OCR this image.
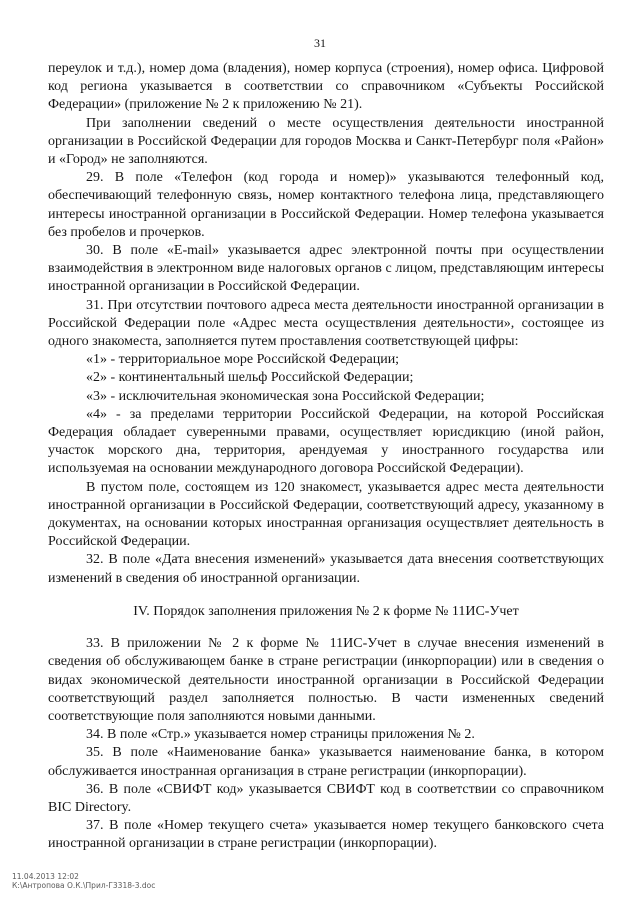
31

переулок и т.д.), номер дома (владения), номер корпуса (строения), номер офиса. Цифровой код региона указывается в соответствии со справочником «Субъекты Российской Федерации» (приложение № 2 к приложению № 21).

При заполнении сведений о месте осуществления деятельности иностранной организации в Российской Федерации для городов Москва и Санкт-Петербург поля «Район» и «Город» не заполняются.

29. В поле «Телефон (код города и номер)» указываются телефонный код, обеспечивающий телефонную связь, номер контактного телефона лица, представляющего интересы иностранной организации в Российской Федерации. Номер телефона указывается без пробелов и прочерков.

30. В поле «E-mail» указывается адрес электронной почты при осуществлении взаимодействия в электронном виде налоговых органов с лицом, представляющим интересы иностранной организации в Российской Федерации.

31. При отсутствии почтового адреса места деятельности иностранной организации в Российской Федерации поле «Адрес места осуществления деятельности», состоящее из одного знакоместа, заполняется путем проставления соответствующей цифры:

«1» - территориальное море Российской Федерации;

«2» - континентальный шельф Российской Федерации;

«3» - исключительная экономическая зона Российской Федерации;

«4» - за пределами территории Российской Федерации, на которой Российская Федерация обладает суверенными правами, осуществляет юрисдикцию (иной район, участок морского дна, территория, арендуемая у иностранного государства или используемая на основании международного договора Российской Федерации).

В пустом поле, состоящем из 120 знакомест, указывается адрес места деятельности иностранной организации в Российской Федерации, соответствующий адресу, указанному в документах, на основании которых иностранная организация осуществляет деятельность в Российской Федерации.

32. В поле «Дата внесения изменений» указывается дата внесения соответствующих изменений в сведения об иностранной организации.

IV. Порядок заполнения приложения № 2 к форме № 11ИС-Учет

33. В приложении № 2 к форме № 11ИС-Учет в случае внесения изменений в сведения об обслуживающем банке в стране регистрации (инкорпорации) или в сведения о видах экономической деятельности иностранной организации в Российской Федерации соответствующий раздел заполняется полностью. В части измененных сведений соответствующие поля заполняются новыми данными.

34. В поле «Стр.» указывается номер страницы приложения № 2.

35. В поле «Наименование банка» указывается наименование банка, в котором обслуживается иностранная организация в стране регистрации (инкорпорации).

36. В поле «СВИФТ код» указывается СВИФТ код в соответствии со справочником BIC Directory.

37. В поле «Номер текущего счета» указывается номер текущего банковского счета иностранной организации в стране регистрации (инкорпорации).

11.04.2013 12:02
К:\Антропова О.К.\Прил-Г3318-3.doc
